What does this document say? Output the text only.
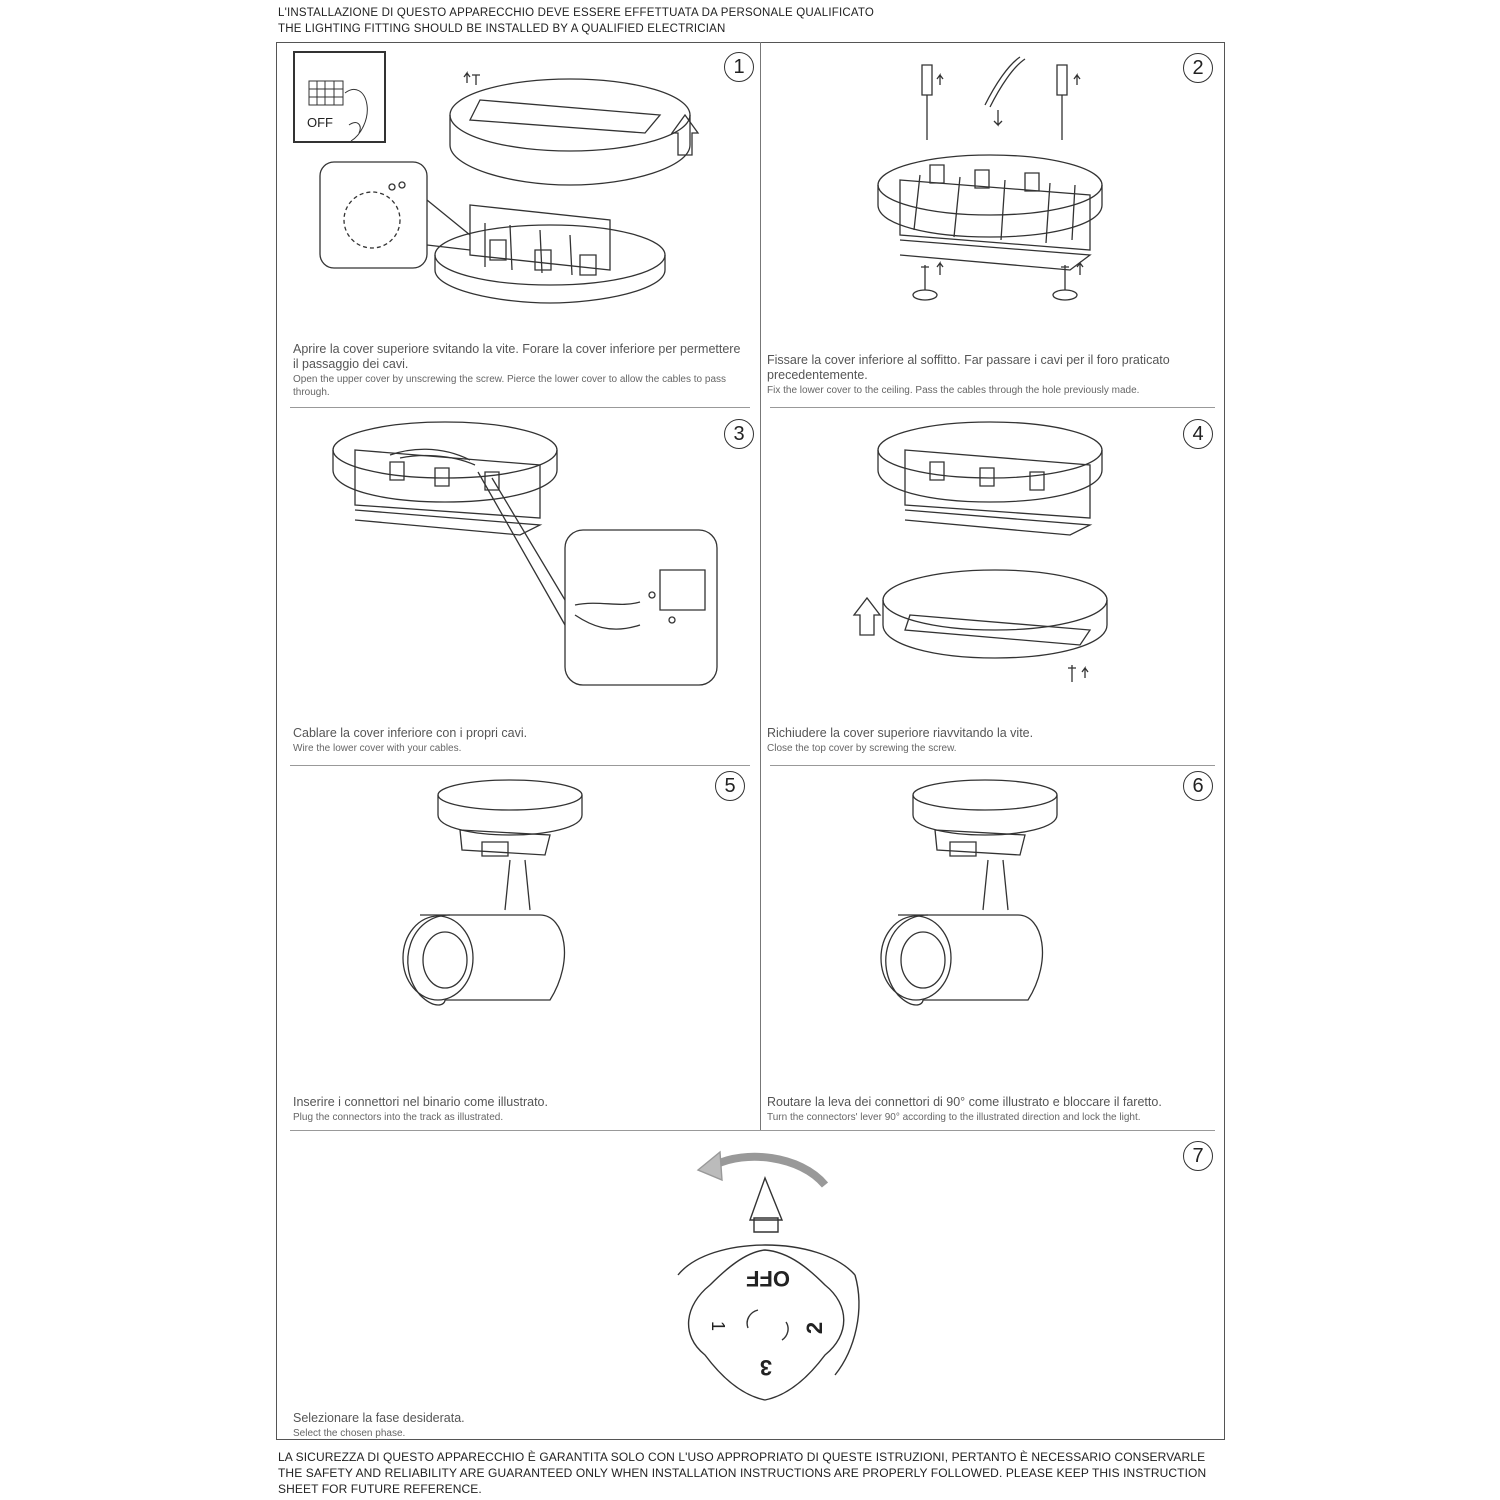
L'INSTALLAZIONE DI QUESTO APPARECCHIO DEVE ESSERE EFFETTUATA DA PERSONALE QUALIFICATO
THE LIGHTING FITTING SHOULD BE INSTALLED BY A QUALIFIED ELECTRICIAN
1	2
3	4
5	6
7
OFF
Aprire la cover superiore svitando la vite. Forare la cover inferiore per permettere il passaggio dei cavi.
Open the upper cover by unscrewing the screw. Pierce the lower cover to allow the cables to pass through.
Fissare la cover inferiore al soffitto. Far passare i cavi per il foro praticato precedentemente.
Fix the lower cover to the ceiling. Pass the cables through the hole previously made.
Cablare la cover inferiore con i propri cavi.
Wire the lower cover with your cables.
Richiudere la cover superiore riavvitando la vite.
Close the top cover by screwing the screw.
Inserire i connettori nel binario come illustrato.
Plug the connectors into the track as illustrated.
Routare la leva dei connettori di 90° come illustrato e bloccare il faretto.
Turn the connectors' lever 90° according to the illustrated direction and lock the light.
OFF
1	2
3
Selezionare la fase desiderata.
Select the chosen phase.
LA SICUREZZA DI QUESTO APPARECCHIO È GARANTITA SOLO CON L'USO APPROPRIATO DI QUESTE ISTRUZIONI, PERTANTO È NECESSARIO CONSERVARLE
THE SAFETY AND RELIABILITY ARE GUARANTEED ONLY WHEN INSTALLATION INSTRUCTIONS ARE PROPERLY FOLLOWED. PLEASE KEEP THIS INSTRUCTION
SHEET FOR FUTURE REFERENCE.
